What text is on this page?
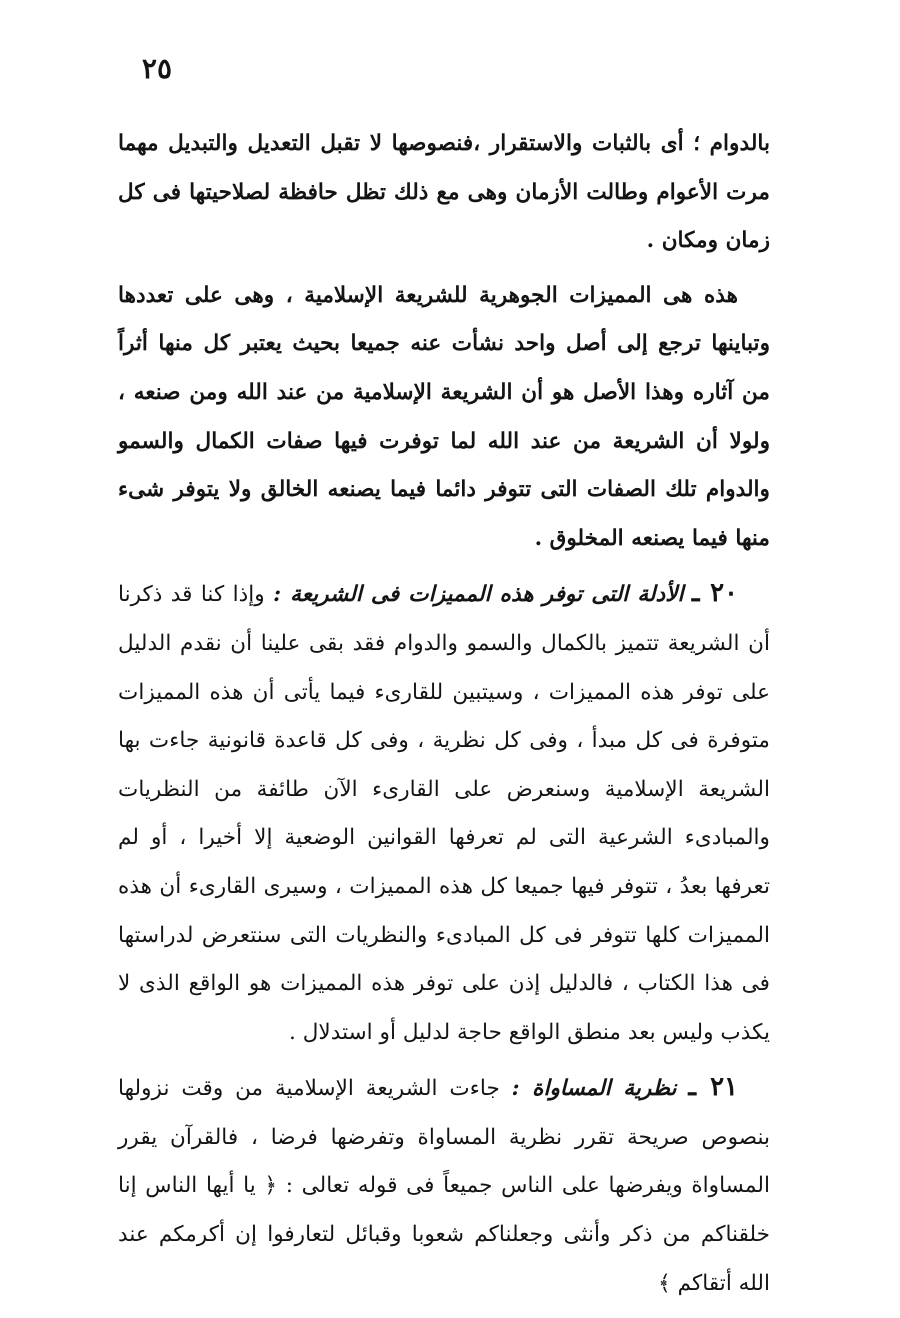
٢٥

بالدوام ؛ أى بالثبات والاستقرار ،فنصوصها لا تقبل التعديل والتبديل مهما مرت الأعوام وطالت الأزمان وهى مع ذلك تظل حافظة لصلاحيتها فى كل زمان ومكان .

هذه هى المميزات الجوهرية للشريعة الإسلامية ، وهى على تعددها وتباينها ترجع إلى أصل واحد نشأت عنه جميعا بحيث يعتبر كل منها أثراً من آثاره وهذا الأصل هو أن الشريعة الإسلامية من عند الله ومن صنعه ، ولولا أن الشريعة من عند الله لما توفرت فيها صفات الكمال والسمو والدوام تلك الصفات التى تتوفر دائما فيما يصنعه الخالق ولا يتوفر شىء منها فيما يصنعه المخلوق .

٢٠ ـ الأدلة التى توفر هذه المميزات فى الشريعة : وإذا كنا قد ذكرنا أن الشريعة تتميز بالكمال والسمو والدوام فقد بقى علينا أن نقدم الدليل على توفر هذه المميزات ، وسيتبين للقارىء فيما يأتى أن هذه المميزات متوفرة فى كل مبدأ ، وفى كل نظرية ، وفى كل قاعدة قانونية جاءت بها الشريعة الإسلامية وسنعرض على القارىء الآن طائفة من النظريات والمبادىء الشرعية التى لم تعرفها القوانين الوضعية إلا أخيرا ، أو لم تعرفها بعدُ ، تتوفر فيها جميعا كل هذه المميزات ، وسيرى القارىء أن هذه المميزات كلها تتوفر فى كل المبادىء والنظريات التى سنتعرض لدراستها فى هذا الكتاب ، فالدليل إذن على توفر هذه المميزات هو الواقع الذى لا يكذب وليس بعد منطق الواقع حاجة لدليل أو استدلال .

٢١ ـ نظرية المساواة : جاءت الشريعة الإسلامية من وقت نزولها بنصوص صريحة تقرر نظرية المساواة وتفرضها فرضا ، فالقرآن يقرر المساواة ويفرضها على الناس جميعاً فى قوله تعالى : ﴿ يا أيها الناس إنا خلقناكم من ذكر وأنثى وجعلناكم شعوبا وقبائل لتعارفوا إن أكرمكم عند الله أتقاكم ﴾
